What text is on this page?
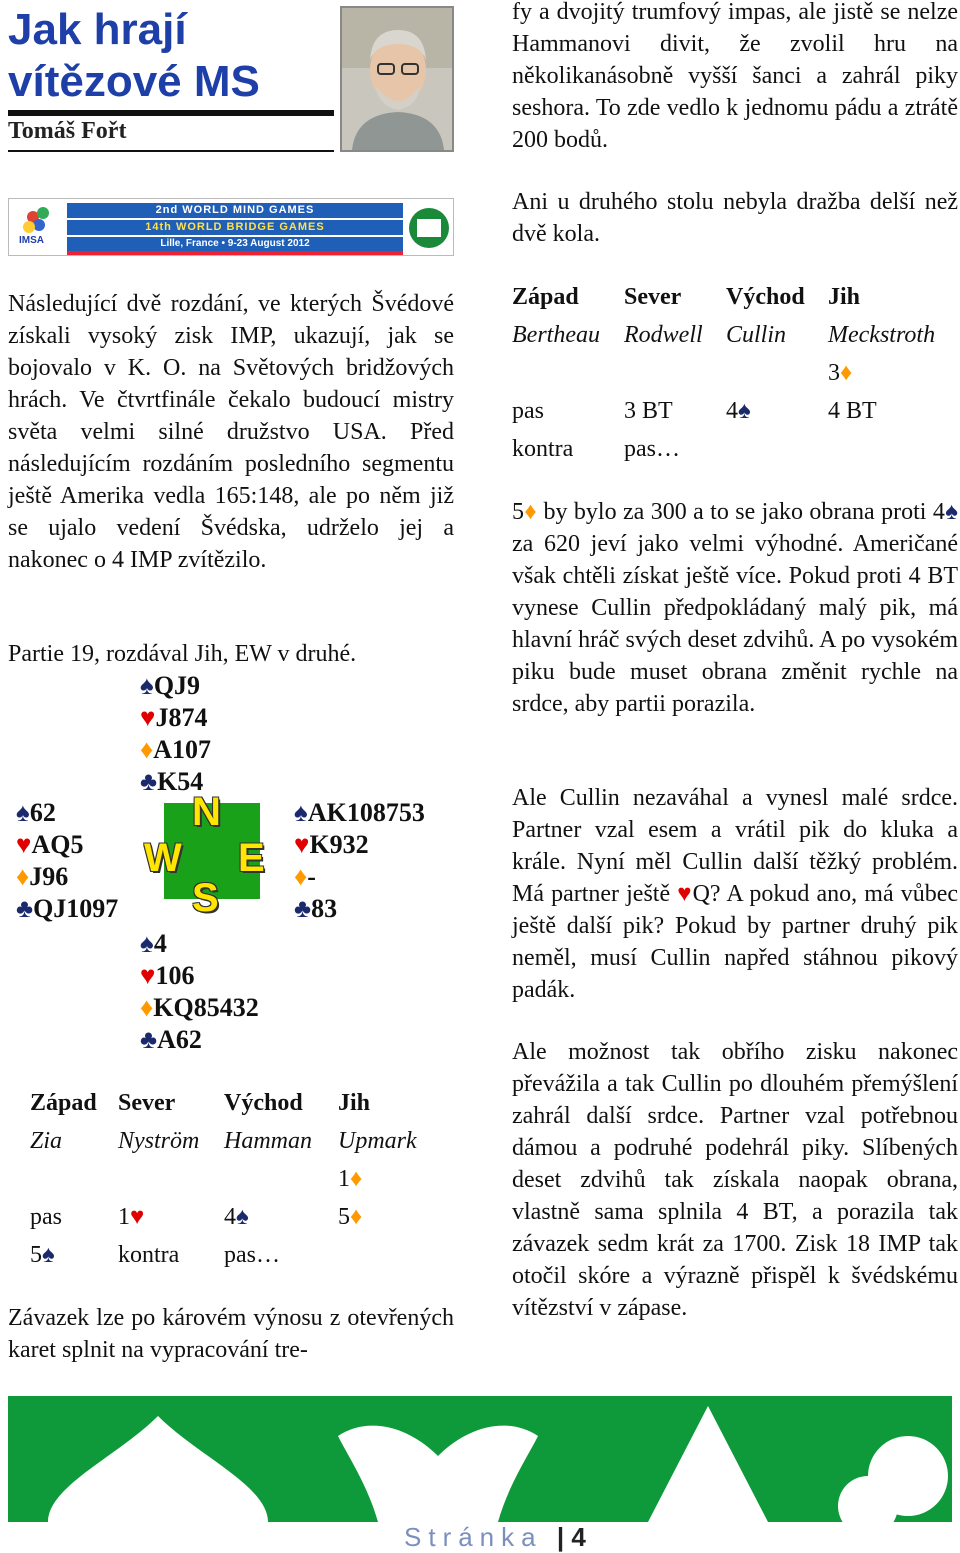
Jak hrají
vítězové MS
Tomáš Fořt
IMSA
2nd WORLD MIND GAMES
14th WORLD BRIDGE GAMES
Lille, France • 9-23 August 2012
Následující dvě rozdání, ve kterých Švédové získali vysoký zisk IMP, ukazují, jak se bojovalo v K. O. na Světových bridžových hrách. Ve čtvrtfinále čekalo budoucí mistry světa velmi silné družstvo USA. Před následujícím rozdáním posledního segmentu ještě Amerika vedla 165:148, ale po něm již se ujalo vedení Švédska, udrželo jej a nakonec o 4 IMP zvítězilo.
Partie 19, rozdával Jih, EW v druhé.
♠QJ9
♥J874
♦A107
♣K54
♠62
♥AQ5
♦J96
♣QJ1097
N
W E
S
♠AK108753
♥K932
♦-
♣83
♠4
♥106
♦KQ85432
♣A62
Západ	Sever	Východ	Jih
Zia	Nyström	Hamman	Upmark
			1♦
pas	1♥	4♠	5♦
5♠	kontra	pas…	
Závazek lze po károvém výnosu z otevřených karet splnit na vypracování tre-
fy a dvojitý trumfový impas, ale jistě se nelze Hammanovi divit, že zvolil hru na několikanásobně vyšší šanci a zahrál piky seshora. To zde vedlo k jednomu pádu a ztrátě 200 bodů.
Ani u druhého stolu nebyla dražba delší než dvě kola.
Západ	Sever	Východ	Jih
Bertheau	Rodwell	Cullin	Meckstroth
			3♦
pas	3 BT	4♠	4 BT
kontra	pas…		
5♦ by bylo za 300 a to se jako obrana proti 4♠ za 620 jeví jako velmi výhodné. Američané však chtěli získat ještě více. Pokud proti 4 BT vynese Cullin předpokládaný malý pik, má hlavní hráč svých deset zdvihů. A po vysokém piku bude muset obrana změnit rychle na srdce, aby partii porazila.
Ale Cullin nezaváhal a vynesl malé srdce. Partner vzal esem a vrátil pik do kluka a krále. Nyní měl Cullin další těžký problém. Má partner ještě ♥Q? A pokud ano, má vůbec ještě další pik? Pokud by partner druhý pik neměl, musí Cullin napřed stáhnou pikový padák.
Ale možnost tak obřího zisku nakonec převážila a tak Cullin po dlouhém přemýšlení zahrál další srdce. Partner vzal potřebnou dámou a podruhé podehrál piky. Slíbených deset zdvihů tak získala naopak obrana, vlastně sama splnila 4 BT, a porazila tak závazek sedm krát za 1700. Zisk 18 IMP tak otočil skóre a výrazně přispěl k švédskému vítězství v zápase.
Stránka | 4
